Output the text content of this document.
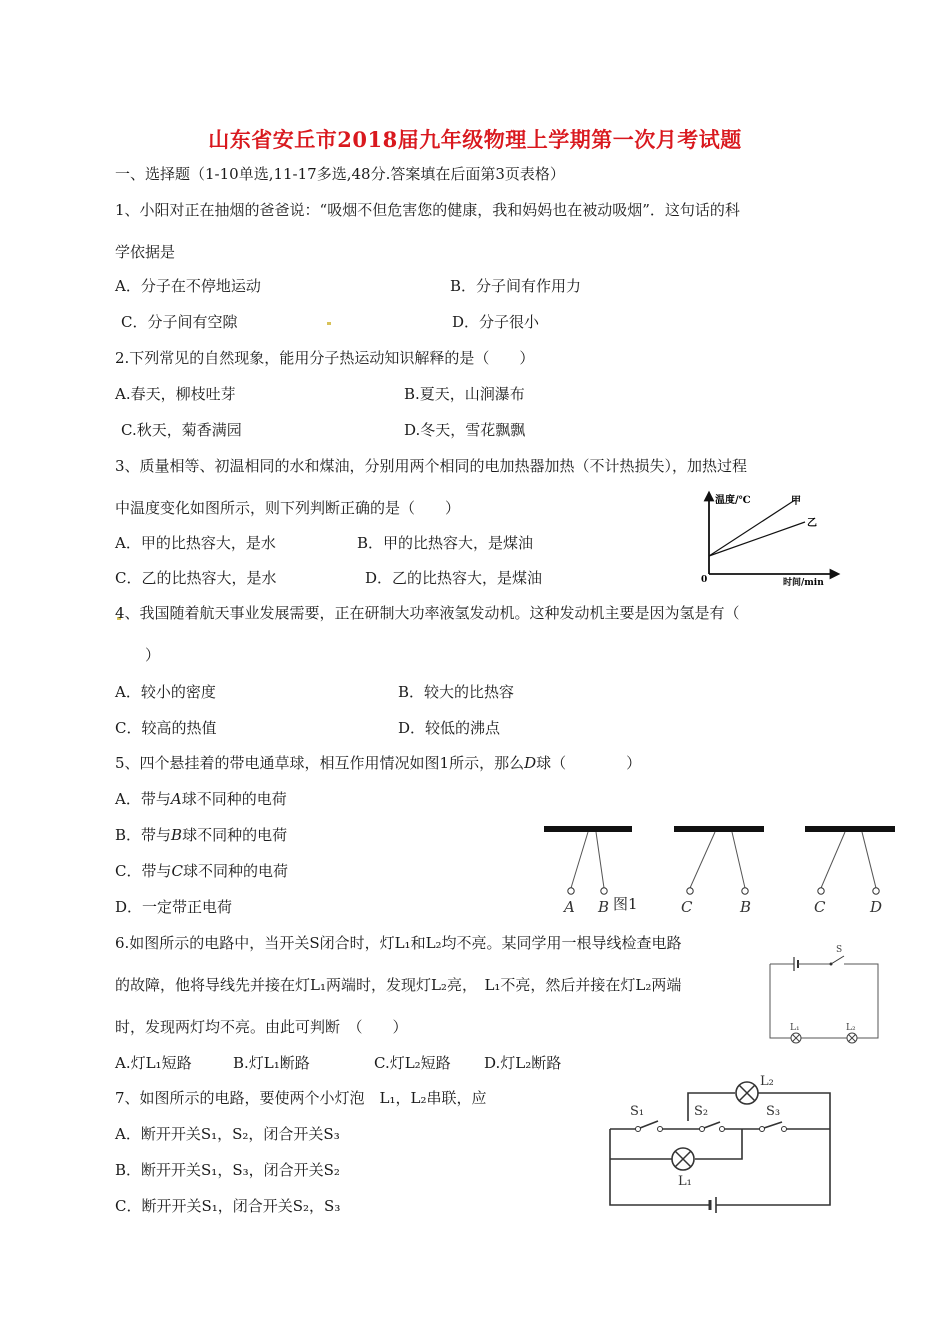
山东省安丘市2018届九年级物理上学期第一次月考试题
一、选择题（1-10单选,11-17多选,48分.答案填在后面第3页表格）
1、小阳对正在抽烟的爸爸说：“吸烟不但危害您的健康，我和妈妈也在被动吸烟”．这句话的科
学依据是
A．分子在不停地运动	B．分子间有作用力
C．分子间有空隙	D．分子很小
2.下列常见的自然现象，能用分子热运动知识解释的是（　　）
A.春天，柳枝吐芽	B.夏天，山涧瀑布
C.秋天，菊香满园	D.冬天，雪花飘飘
3、质量相等、初温相同的水和煤油，分别用两个相同的电加热器加热（不计热损失），加热过程
中温度变化如图所示，则下列判断正确的是（　　）
A．甲的比热容大，是水	B．甲的比热容大，是煤油
C．乙的比热容大，是水	D．乙的比热容大，是煤油
温度/℃	甲
乙
0	时间/min
4、我国随着航天事业发展需要，正在研制大功率液氢发动机。这种发动机主要是因为氢是有（
）
A．较小的密度	B．较大的比热容
C．较高的热值	D．较低的沸点
5、四个悬挂着的带电通草球，相互作用情况如图1所示，那么D球（　　　　）
A．带与A球不同种的电荷
B．带与B球不同种的电荷
C．带与C球不同种的电荷
D．一定带正电荷	A B 图1	C	B	C	D
6.如图所示的电路中，当开关S闭合时，灯L₁和L₂均不亮。某同学用一根导线检查电路
的故障，他将导线先并接在灯L₁两端时，发现灯L₂亮，　L₁不亮，然后并接在灯L₂两端
时，发现两灯均不亮。由此可判断　（　　）
A.灯L₁短路	B.灯L₁断路	C.灯L₂短路 D.灯L₂断路
S
L₁	L₂
7、如图所示的电路，要使两个小灯泡　L₁，L₂串联，应
A．断开开关S₁，S₂，闭合开关S₃
B．断开开关S₁，S₃，闭合开关S₂
C．断开开关S₁，闭合开关S₂，S₃
L₂
S₁	S₂	S₃
L₁
